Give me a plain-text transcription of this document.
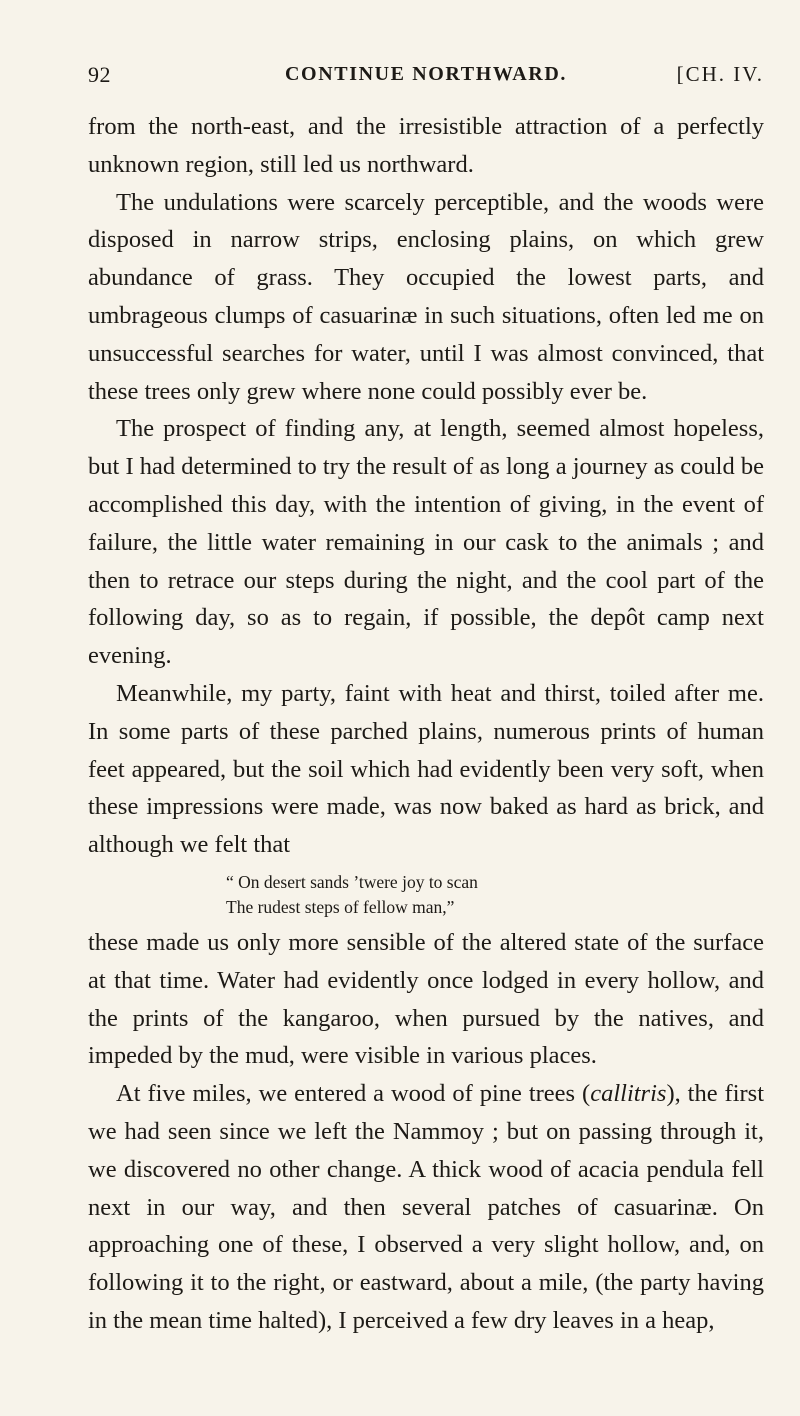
92	CONTINUE NORTHWARD.	[CH. IV.

from the north-east, and the irresistible attraction of a perfectly unknown region, still led us northward.

The undulations were scarcely perceptible, and the woods were disposed in narrow strips, enclosing plains, on which grew abundance of grass. They occupied the lowest parts, and umbrageous clumps of casuarinæ in such situations, often led me on unsuccessful searches for water, until I was almost convinced, that these trees only grew where none could possibly ever be.

The prospect of finding any, at length, seemed almost hopeless, but I had determined to try the result of as long a journey as could be accomplished this day, with the intention of giving, in the event of failure, the little water remaining in our cask to the animals ; and then to retrace our steps during the night, and the cool part of the following day, so as to regain, if possible, the depôt camp next evening.

Meanwhile, my party, faint with heat and thirst, toiled after me. In some parts of these parched plains, numerous prints of human feet appeared, but the soil which had evidently been very soft, when these impressions were made, was now baked as hard as brick, and although we felt that

“ On desert sands ’twere joy to scan
The rudest steps of fellow man,”

these made us only more sensible of the altered state of the surface at that time. Water had evidently once lodged in every hollow, and the prints of the kangaroo, when pursued by the natives, and impeded by the mud, were visible in various places.

At five miles, we entered a wood of pine trees (callitris), the first we had seen since we left the Nammoy ; but on passing through it, we discovered no other change. A thick wood of acacia pendula fell next in our way, and then several patches of casuarinæ. On approaching one of these, I observed a very slight hollow, and, on following it to the right, or eastward, about a mile, (the party having in the mean time halted), I perceived a few dry leaves in a heap,
